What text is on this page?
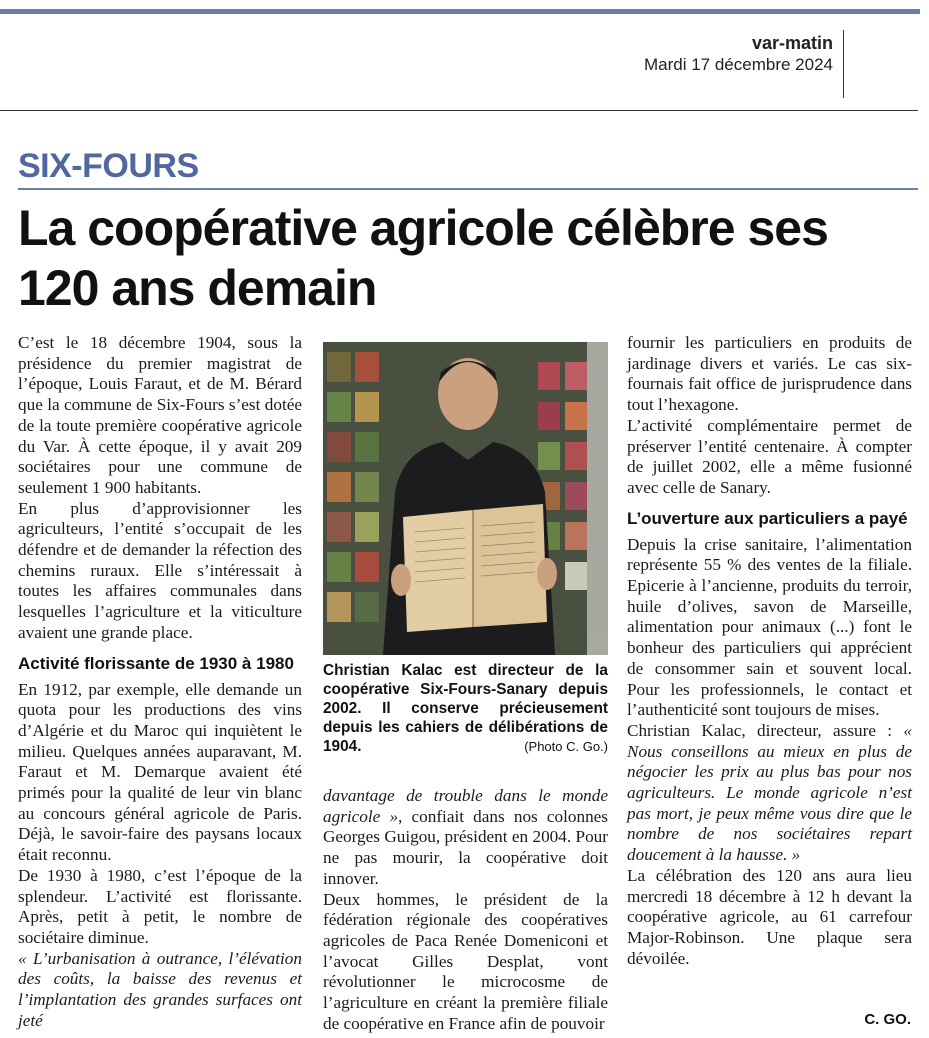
var-matin
Mardi 17 décembre 2024
SIX-FOURS
La coopérative agricole célèbre ses 120 ans demain

C’est le 18 décembre 1904, sous la présidence du premier magistrat de l’époque, Louis Faraut, et de M. Bérard que la commune de Six-Fours s’est dotée de la toute première coopérative agricole du Var. À cette époque, il y avait 209 sociétaires pour une commune de seulement 1 900 habitants.

En plus d’approvisionner les agriculteurs, l’entité s’occupait de les défendre et de demander la réfection des chemins ruraux. Elle s’intéressait à toutes les affaires communales dans lesquelles l’agriculture et la viticulture avaient une grande place.

Activité florissante de 1930 à 1980

En 1912, par exemple, elle demande un quota pour les productions des vins d’Algérie et du Maroc qui inquiètent le milieu. Quelques années auparavant, M. Faraut et M. Demarque avaient été primés pour la qualité de leur vin blanc au concours général agricole de Paris. Déjà, le savoir-faire des paysans locaux était reconnu.

De 1930 à 1980, c’est l’époque de la splendeur. L’activité est florissante. Après, petit à petit, le nombre de sociétaire diminue.

« L’urbanisation à outrance, l’élévation des coûts, la baisse des revenus et l’implantation des grandes surfaces ont jeté

Christian Kalac est directeur de la coopérative Six-Fours-Sanary depuis 2002. Il conserve précieusement depuis les cahiers de délibérations de 1904.	(Photo C. Go.)

davantage de trouble dans le monde agricole », confiait dans nos colonnes Georges Guigou, président en 2004. Pour ne pas mourir, la coopérative doit innover.

Deux hommes, le président de la fédération régionale des coopératives agricoles de Paca Renée Domeniconi et l’avocat Gilles Desplat, vont révolutionner le microcosme de l’agriculture en créant la première filiale de coopérative en France afin de pouvoir

fournir les particuliers en produits de jardinage divers et variés. Le cas six-fournais fait office de jurisprudence dans tout l’hexagone.

L’activité complémentaire permet de préserver l’entité centenaire. À compter de juillet 2002, elle a même fusionné avec celle de Sanary.

L’ouverture aux particuliers a payé

Depuis la crise sanitaire, l’alimentation représente 55 % des ventes de la filiale. Epicerie à l’ancienne, produits du terroir, huile d’olives, savon de Marseille, alimentation pour animaux (...) font le bonheur des particuliers qui apprécient de consommer sain et souvent local. Pour les professionnels, le contact et l’authenticité sont toujours de mises.

Christian Kalac, directeur, assure : « Nous conseillons au mieux en plus de négocier les prix au plus bas pour nos agriculteurs. Le monde agricole n’est pas mort, je peux même vous dire que le nombre de nos sociétaires repart doucement à la hausse. »

La célébration des 120 ans aura lieu mercredi 18 décembre à 12 h devant la coopérative agricole, au 61 carrefour Major-Robinson. Une plaque sera dévoilée.

C. GO.
